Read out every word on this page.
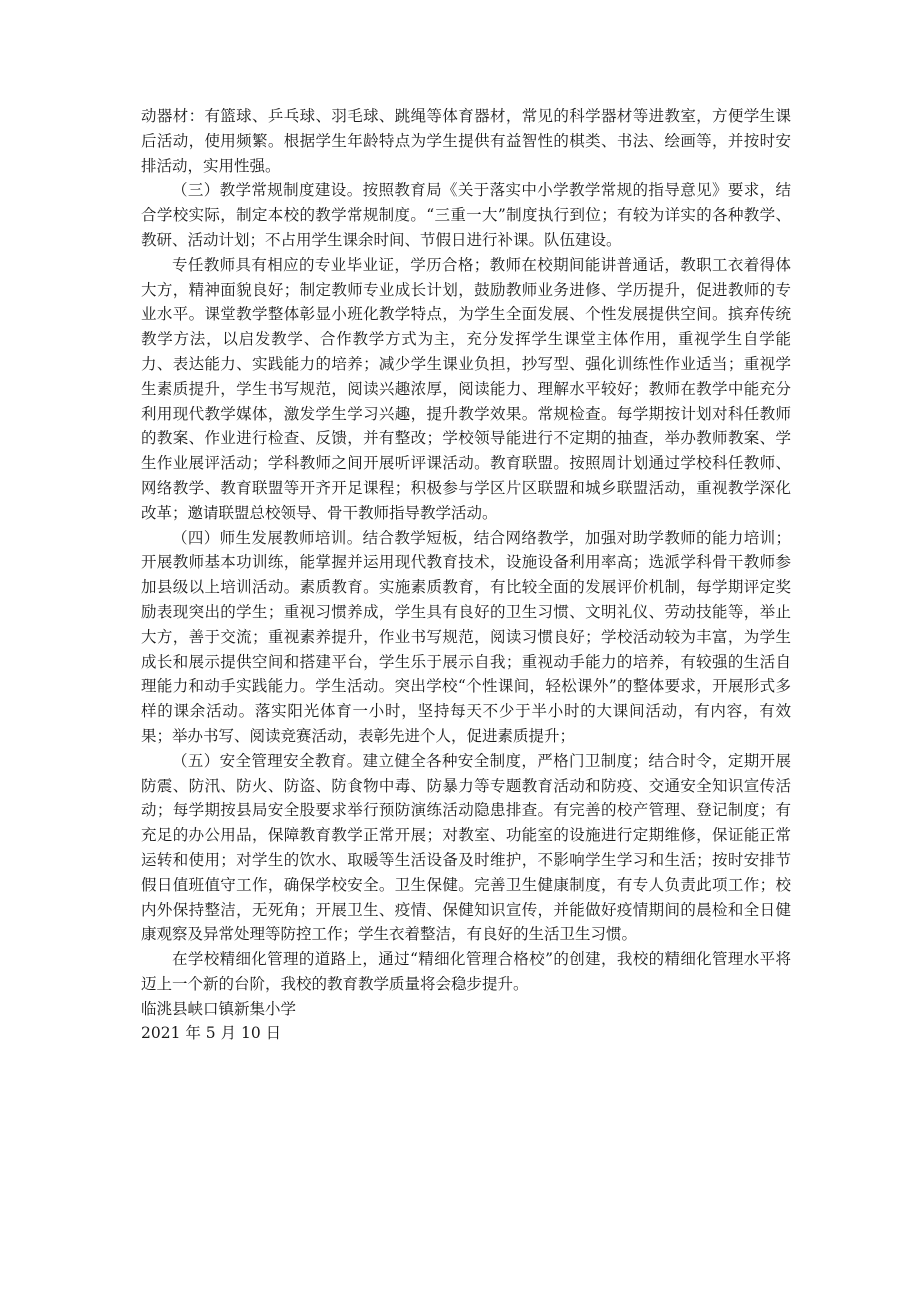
动器材：有篮球、乒乓球、羽毛球、跳绳等体育器材，常见的科学器材等进教室，方便学生课后活动，使用频繁。根据学生年龄特点为学生提供有益智性的棋类、书法、绘画等，并按时安排活动，实用性强。

（三）教学常规制度建设。按照教育局《关于落实中小学教学常规的指导意见》要求，结合学校实际，制定本校的教学常规制度。“三重一大”制度执行到位；有较为详实的各种教学、教研、活动计划；不占用学生课余时间、节假日进行补课。队伍建设。

专任教师具有相应的专业毕业证，学历合格；教师在校期间能讲普通话，教职工衣着得体大方，精神面貌良好；制定教师专业成长计划，鼓励教师业务进修、学历提升，促进教师的专业水平。课堂教学整体彰显小班化教学特点，为学生全面发展、个性发展提供空间。摈弃传统教学方法，以启发教学、合作教学方式为主，充分发挥学生课堂主体作用，重视学生自学能力、表达能力、实践能力的培养；减少学生课业负担，抄写型、强化训练性作业适当；重视学生素质提升，学生书写规范，阅读兴趣浓厚，阅读能力、理解水平较好；教师在教学中能充分利用现代教学媒体，激发学生学习兴趣，提升教学效果。常规检查。每学期按计划对科任教师的教案、作业进行检查、反馈，并有整改；学校领导能进行不定期的抽查，举办教师教案、学生作业展评活动；学科教师之间开展听评课活动。教育联盟。按照周计划通过学校科任教师、网络教学、教育联盟等开齐开足课程；积极参与学区片区联盟和城乡联盟活动，重视教学深化改革；邀请联盟总校领导、骨干教师指导教学活动。

（四）师生发展教师培训。结合教学短板，结合网络教学，加强对助学教师的能力培训；开展教师基本功训练，能掌握并运用现代教育技术，设施设备利用率高；选派学科骨干教师参加县级以上培训活动。素质教育。实施素质教育，有比较全面的发展评价机制，每学期评定奖励表现突出的学生；重视习惯养成，学生具有良好的卫生习惯、文明礼仪、劳动技能等，举止大方，善于交流；重视素养提升，作业书写规范，阅读习惯良好；学校活动较为丰富，为学生成长和展示提供空间和搭建平台，学生乐于展示自我；重视动手能力的培养，有较强的生活自理能力和动手实践能力。学生活动。突出学校“个性课间，轻松课外”的整体要求，开展形式多样的课余活动。落实阳光体育一小时，坚持每天不少于半小时的大课间活动，有内容，有效果；举办书写、阅读竞赛活动，表彰先进个人，促进素质提升；

（五）安全管理安全教育。建立健全各种安全制度，严格门卫制度；结合时令，定期开展防震、防汛、防火、防盗、防食物中毒、防暴力等专题教育活动和防疫、交通安全知识宣传活动；每学期按县局安全股要求举行预防演练活动隐患排查。有完善的校产管理、登记制度；有充足的办公用品，保障教育教学正常开展；对教室、功能室的设施进行定期维修，保证能正常运转和使用；对学生的饮水、取暖等生活设备及时维护，不影响学生学习和生活；按时安排节假日值班值守工作，确保学校安全。卫生保健。完善卫生健康制度，有专人负责此项工作；校内外保持整洁，无死角；开展卫生、疫情、保健知识宣传，并能做好疫情期间的晨检和全日健康观察及异常处理等防控工作；学生衣着整洁，有良好的生活卫生习惯。

在学校精细化管理的道路上，通过“精细化管理合格校”的创建，我校的精细化管理水平将迈上一个新的台阶，我校的教育教学质量将会稳步提升。

临洮县峡口镇新集小学

2021 年 5 月 10 日
